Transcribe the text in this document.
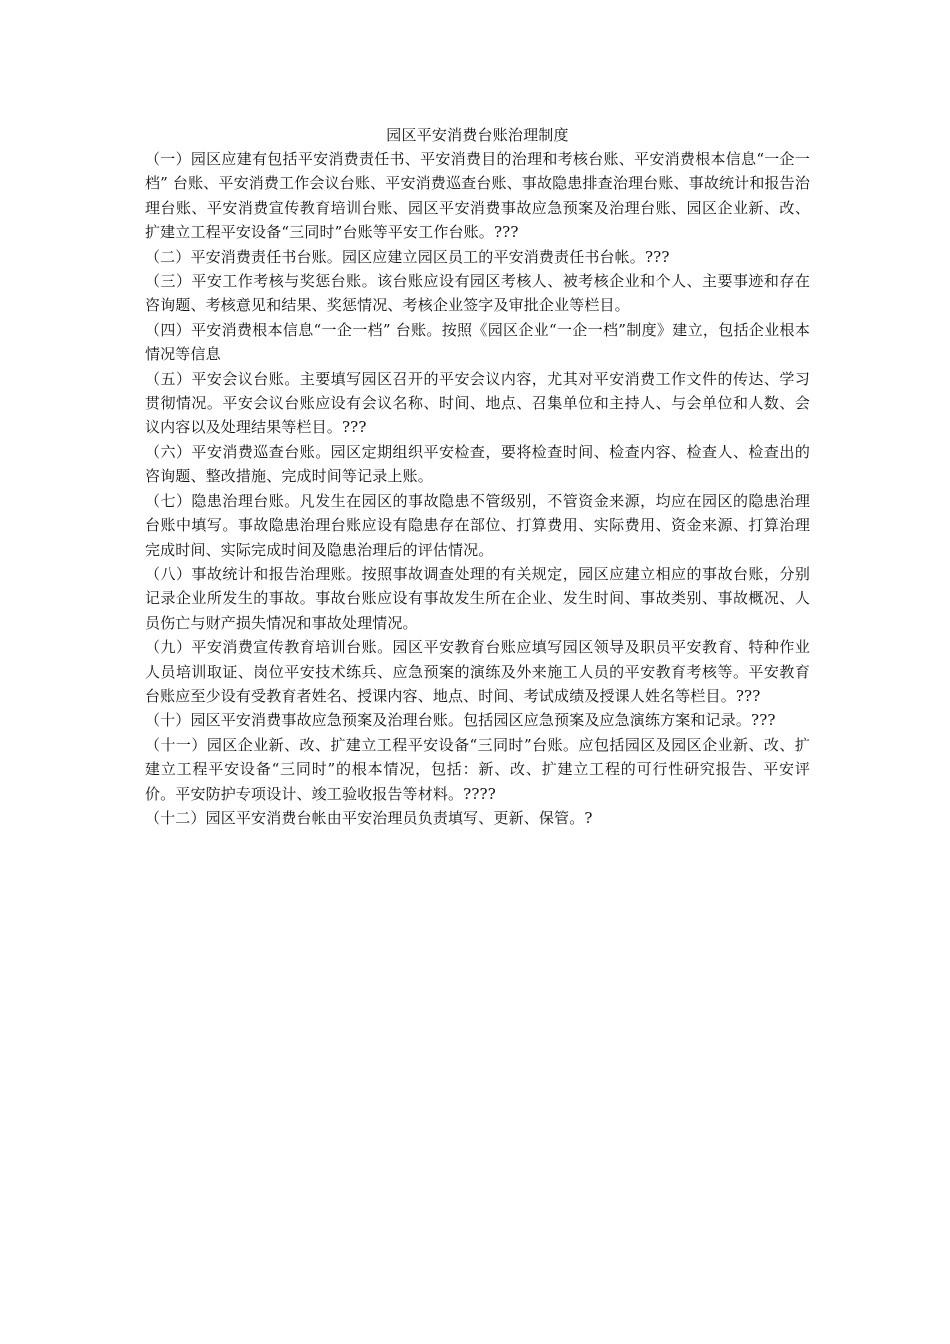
园区平安消费台账治理制度

（一）园区应建有包括平安消费责任书、平安消费目的治理和考核台账、平安消费根本信息“一企一档” 台账、平安消费工作会议台账、平安消费巡查台账、事故隐患排查治理台账、事故统计和报告治理台账、平安消费宣传教育培训台账、园区平安消费事故应急预案及治理台账、园区企业新、改、扩建立工程平安设备“三同时”台账等平安工作台账。???

（二）平安消费责任书台账。园区应建立园区员工的平安消费责任书台帐。???

（三）平安工作考核与奖惩台账。该台账应设有园区考核人、被考核企业和个人、主要事迹和存在咨询题、考核意见和结果、奖惩情况、考核企业签字及审批企业等栏目。

（四）平安消费根本信息“一企一档” 台账。按照《园区企业“一企一档”制度》建立，包括企业根本情况等信息

（五）平安会议台账。主要填写园区召开的平安会议内容，尤其对平安消费工作文件的传达、学习贯彻情况。平安会议台账应设有会议名称、时间、地点、召集单位和主持人、与会单位和人数、会议内容以及处理结果等栏目。???

（六）平安消费巡查台账。园区定期组织平安检查，要将检查时间、检查内容、检查人、检查出的咨询题、整改措施、完成时间等记录上账。

（七）隐患治理台账。凡发生在园区的事故隐患不管级别，不管资金来源，均应在园区的隐患治理台账中填写。事故隐患治理台账应设有隐患存在部位、打算费用、实际费用、资金来源、打算治理完成时间、实际完成时间及隐患治理后的评估情况。

（八）事故统计和报告治理账。按照事故调查处理的有关规定，园区应建立相应的事故台账，分别记录企业所发生的事故。事故台账应设有事故发生所在企业、发生时间、事故类别、事故概况、人员伤亡与财产损失情况和事故处理情况。

（九）平安消费宣传教育培训台账。园区平安教育台账应填写园区领导及职员平安教育、特种作业人员培训取证、岗位平安技术练兵、应急预案的演练及外来施工人员的平安教育考核等。平安教育台账应至少设有受教育者姓名、授课内容、地点、时间、考试成绩及授课人姓名等栏目。???

（十）园区平安消费事故应急预案及治理台账。包括园区应急预案及应急演练方案和记录。???

（十一）园区企业新、改、扩建立工程平安设备“三同时”台账。应包括园区及园区企业新、改、扩建立工程平安设备“三同时”的根本情况，包括：新、改、扩建立工程的可行性研究报告、平安评价。平安防护专项设计、竣工验收报告等材料。????

（十二）园区平安消费台帐由平安治理员负责填写、更新、保管。?
